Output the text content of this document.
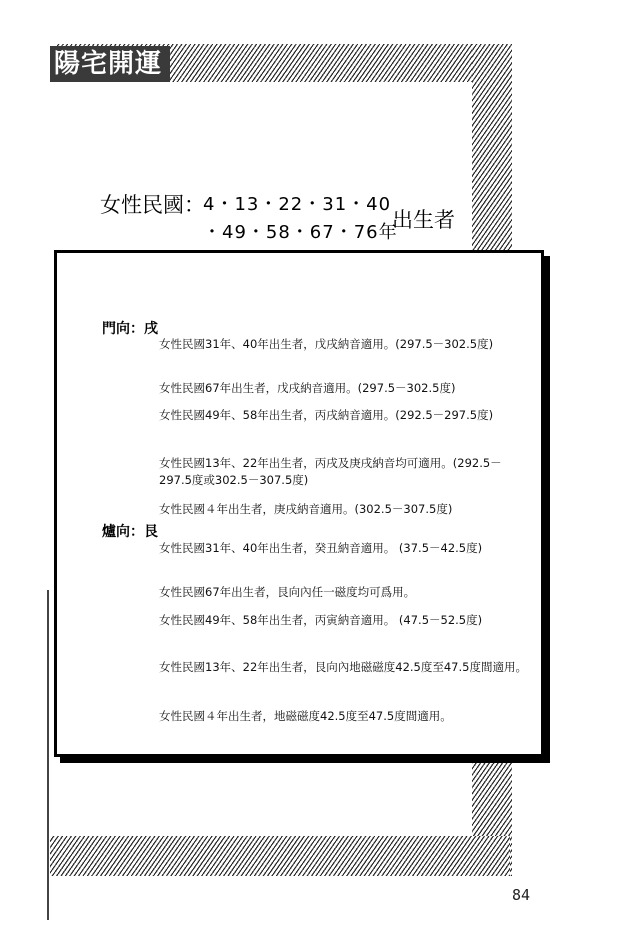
陽宅開運
女性民國：
4・13・22・31・40
・49・58・67・76年
出生者
門向：戌
女性民國31年、40年出生者，戊戌納音適用。(297.5－302.5度)
女性民國67年出生者，戊戌納音適用。(297.5－302.5度)
女性民國49年、58年出生者，丙戌納音適用。(292.5－297.5度)
女性民國13年、22年出生者，丙戌及庚戌納音均可適用。(292.5－297.5度或302.5－307.5度)
女性民國４年出生者，庚戌納音適用。(302.5－307.5度)
爐向：艮
女性民國31年、40年出生者，癸丑納音適用。 (37.5－42.5度)
女性民國67年出生者，艮向內任一磁度均可爲用。
女性民國49年、58年出生者，丙寅納音適用。 (47.5－52.5度)
女性民國13年、22年出生者，艮向內地磁磁度42.5度至47.5度間適用。
女性民國４年出生者，地磁磁度42.5度至47.5度間適用。
84
